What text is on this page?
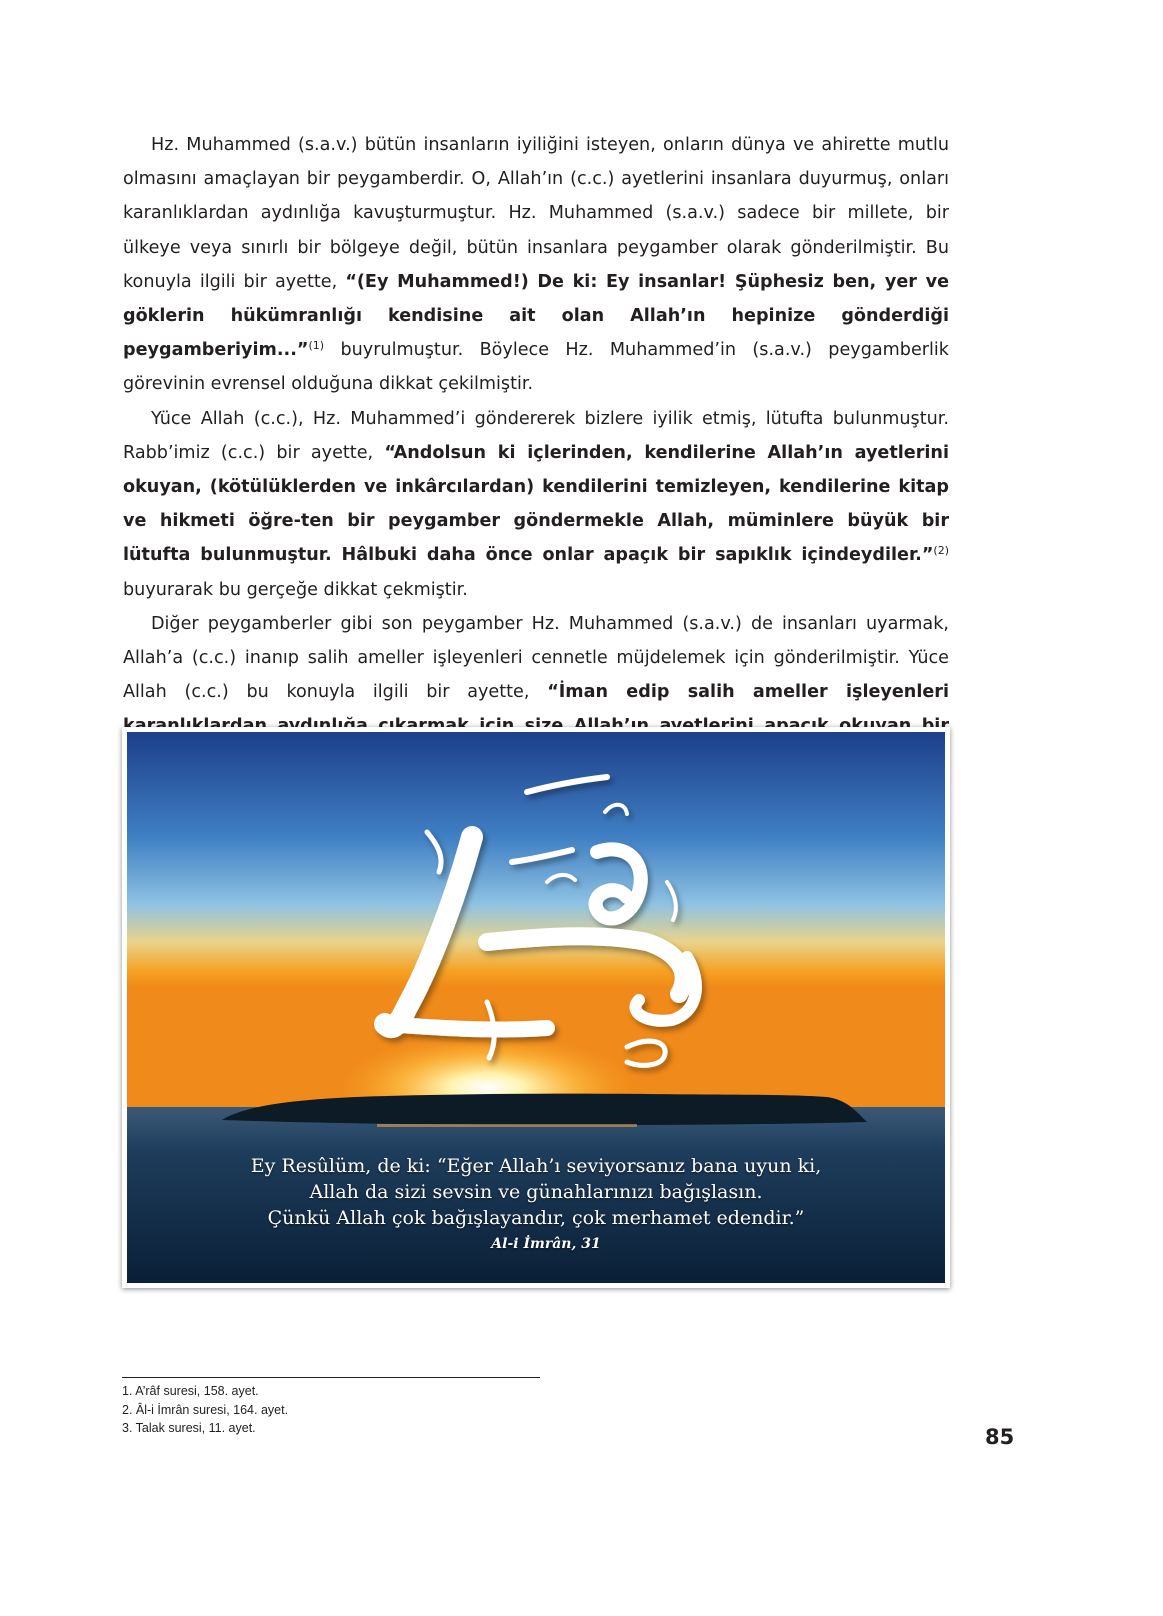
Hz. Muhammed (s.a.v.) bütün insanların iyiliğini isteyen, onların dünya ve ahirette mutlu olmasını amaçlayan bir peygamberdir. O, Allah’ın (c.c.) ayetlerini insanlara duyurmuş, onları karanlıklardan aydınlığa kavuşturmuştur. Hz. Muhammed (s.a.v.) sadece bir millete, bir ülkeye veya sınırlı bir bölgeye değil, bütün insanlara peygamber olarak gönderilmiştir. Bu konuyla ilgili bir ayette, “(Ey Muhammed!) De ki: Ey insanlar! Şüphesiz ben, yer ve göklerin hükümranlığı kendisine ait olan Allah’ın hepinize gönderdiği peygamberiyim...”$^{(1)}$ buyrulmuştur. Böylece Hz. Muhammed’in (s.a.v.) peygamberlik görevinin evrensel olduğuna dikkat çekilmiştir.

Yüce Allah (c.c.), Hz. Muhammed’i göndererek bizlere iyilik etmiş, lütufta bulunmuştur. Rabb’imiz (c.c.) bir ayette, “Andolsun ki içlerinden, kendilerine Allah’ın ayetlerini okuyan, (kötülüklerden ve inkârcılardan) kendilerini temizleyen, kendilerine kitap ve hikmeti öğre-ten bir peygamber göndermekle Allah, müminlere büyük bir lütufta bulunmuştur. Hâlbuki daha önce onlar apaçık bir sapıklık içindeydiler.”$^{(2)}$ buyurarak bu gerçeğe dikkat çekmiştir.

Diğer peygamberler gibi son peygamber Hz. Muhammed (s.a.v.) de insanları uyarmak, Allah’a (c.c.) inanıp salih ameller işleyenleri cennetle müjdelemek için gönderilmiştir. Yüce Allah (c.c.) bu konuyla ilgili bir ayette, “İman edip salih ameller işleyenleri

Ey Resûlüm, de ki: “Eğer Allah’ı seviyorsanız bana uyun ki,
Allah da sizi sevsin ve günahlarınızı bağışlasın.
Çünkü Allah çok bağışlayandır, çok merhamet edendir.”
Al-i İmrân, 31
1. A’râf suresi, 158. ayet.
2. Âl-i İmrân suresi, 164. ayet.
3. Talak suresi, 11. ayet.	85
